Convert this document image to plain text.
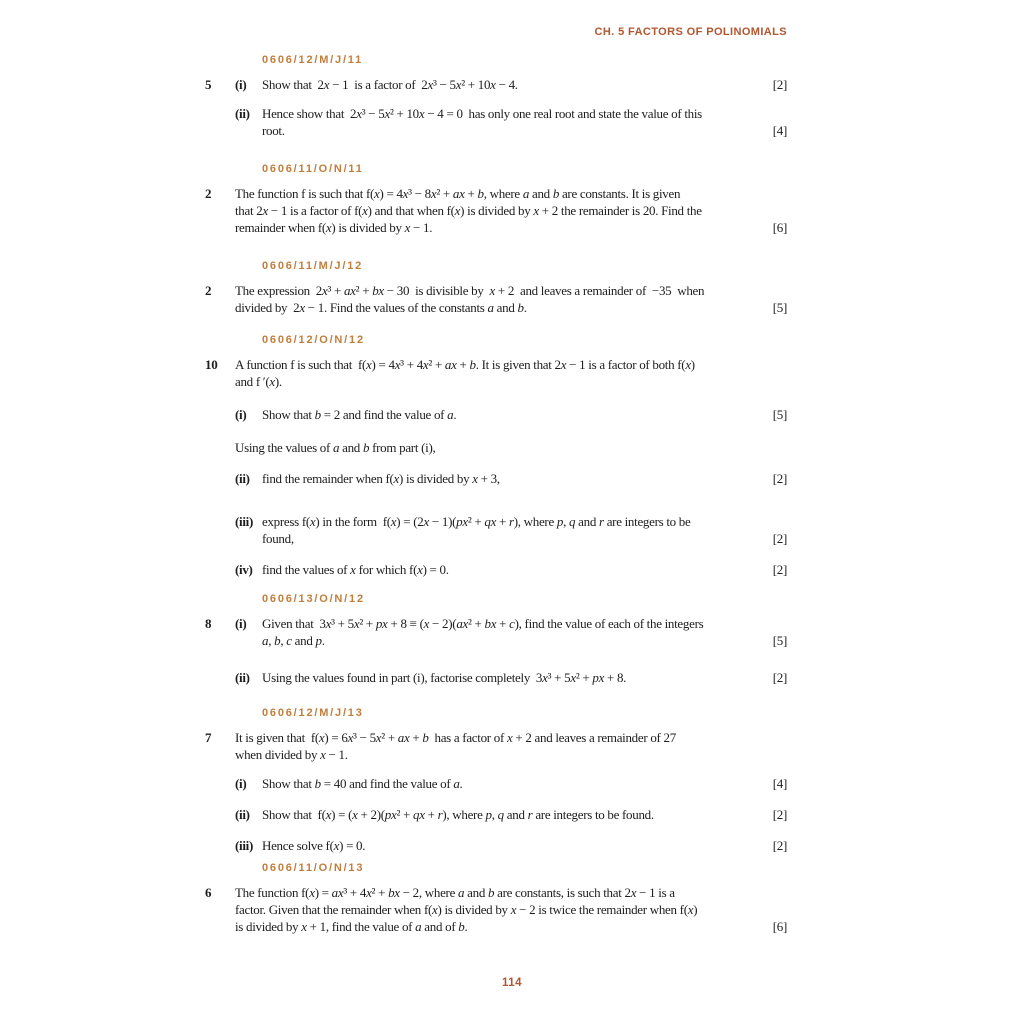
CH. 5 FACTORS OF POLINOMIALS
0606/12/M/J/11
5	(i)	Show that  2x − 1  is a factor of  2x³ − 5x² + 10x − 4.	[2]
(ii) Hence show that  2x³ − 5x² + 10x − 4 = 0  has only one real root and state the value of this
root.	[4]
0606/11/O/N/11
2	The function f is such that f(x) = 4x³ − 8x² + ax + b, where a and b are constants. It is given
that 2x − 1 is a factor of f(x) and that when f(x) is divided by x + 2 the remainder is 20. Find the
remainder when f(x) is divided by x − 1.	[6]
0606/11/M/J/12
2	The expression  2x³ + ax² + bx − 30  is divisible by  x + 2  and leaves a remainder of  −35  when
divided by  2x − 1. Find the values of the constants a and b.	[5]
0606/12/O/N/12
10	A function f is such that  f(x) = 4x³ + 4x² + ax + b. It is given that 2x − 1 is a factor of both f(x)
and f ′(x).
(i)	Show that b = 2 and find the value of a.	[5]
Using the values of a and b from part (i),
(ii) find the remainder when f(x) is divided by x + 3,	[2]
(iii) express f(x) in the form  f(x) = (2x − 1)(px² + qx + r), where p, q and r are integers to be
found,	[2]
(iv) find the values of x for which f(x) = 0.	[2]
0606/13/O/N/12
8	(i)	Given that  3x³ + 5x² + px + 8 ≡ (x − 2)(ax² + bx + c), find the value of each of the integers
a, b, c and p.	[5]
(ii) Using the values found in part (i), factorise completely  3x³ + 5x² + px + 8.	[2]
0606/12/M/J/13
7	It is given that  f(x) = 6x³ − 5x² + ax + b  has a factor of x + 2 and leaves a remainder of 27
when divided by x − 1.
(i)	Show that b = 40 and find the value of a.	[4]
(ii) Show that  f(x) = (x + 2)(px² + qx + r), where p, q and r are integers to be found.	[2]
(iii) Hence solve f(x) = 0.	[2]
0606/11/O/N/13
6	The function f(x) = ax³ + 4x² + bx − 2, where a and b are constants, is such that 2x − 1 is a
factor. Given that the remainder when f(x) is divided by x − 2 is twice the remainder when f(x)
is divided by x + 1, find the value of a and of b.	[6]
114
